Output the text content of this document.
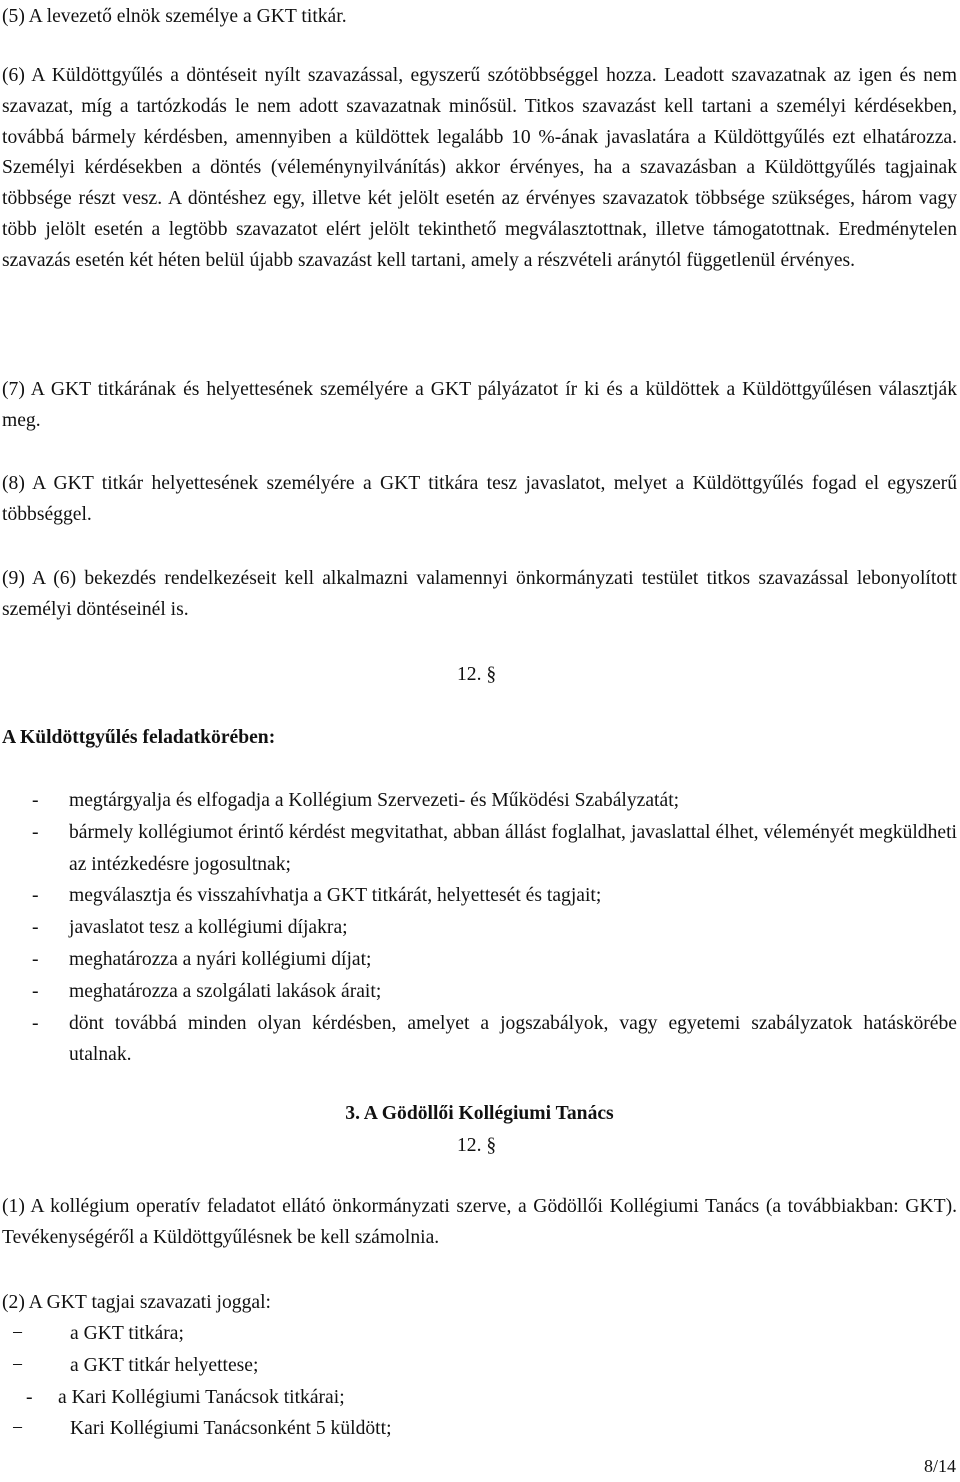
(5) A levezető elnök személye a GKT titkár.

(6) A Küldöttgyűlés a döntéseit nyílt szavazással, egyszerű szótöbbséggel hozza. Leadott szavazatnak az igen és nem szavazat, míg a tartózkodás le nem adott szavazatnak minősül. Titkos szavazást kell tartani a személyi kérdésekben, továbbá bármely kérdésben, amennyiben a küldöttek legalább 10 %-ának javaslatára a Küldöttgyűlés ezt elhatározza. Személyi kérdésekben a döntés (véleménynyilvánítás) akkor érvényes, ha a szavazásban a Küldöttgyűlés tagjainak többsége részt vesz. A döntéshez egy, illetve két jelölt esetén az érvényes szavazatok többsége szükséges, három vagy több jelölt esetén a legtöbb szavazatot elért jelölt tekinthető megválasztottnak, illetve támogatottnak. Eredménytelen szavazás esetén két héten belül újabb szavazást kell tartani, amely a részvételi aránytól függetlenül érvényes.

(7) A GKT titkárának és helyettesének személyére a GKT pályázatot ír ki és a küldöttek a Küldöttgyűlésen választják meg.

(8) A GKT titkár helyettesének személyére a GKT titkára tesz javaslatot, melyet a Küldöttgyűlés fogad el egyszerű többséggel.

(9) A (6) bekezdés rendelkezéseit kell alkalmazni valamennyi önkormányzati testület titkos szavazással lebonyolított személyi döntéseinél is.

12. §
A Küldöttgyűlés feladatkörében:
- megtárgyalja és elfogadja a Kollégium Szervezeti- és Működési Szabályzatát;
- bármely kollégiumot érintő kérdést megvitathat, abban állást foglalhat, javaslattal élhet, véleményét megküldheti az intézkedésre jogosultnak;
- megválasztja és visszahívhatja a GKT titkárát, helyettesét és tagjait;
- javaslatot tesz a kollégiumi díjakra;
- meghatározza a nyári kollégiumi díjat;
- meghatározza a szolgálati lakások árait;
- dönt továbbá minden olyan kérdésben, amelyet a jogszabályok, vagy egyetemi szabályzatok hatáskörébe utalnak.
3. A Gödöllői Kollégiumi Tanács
12. §

(1) A kollégium operatív feladatot ellátó önkormányzati szerve, a Gödöllői Kollégiumi Tanács (a továbbiakban: GKT). Tevékenységéről a Küldöttgyűlésnek be kell számolnia.

(2) A GKT tagjai szavazati joggal:
− a GKT titkára;
− a GKT titkár helyettese;
- a Kari Kollégiumi Tanácsok titkárai;
− Kari Kollégiumi Tanácsonként 5 küldött;
8/14
